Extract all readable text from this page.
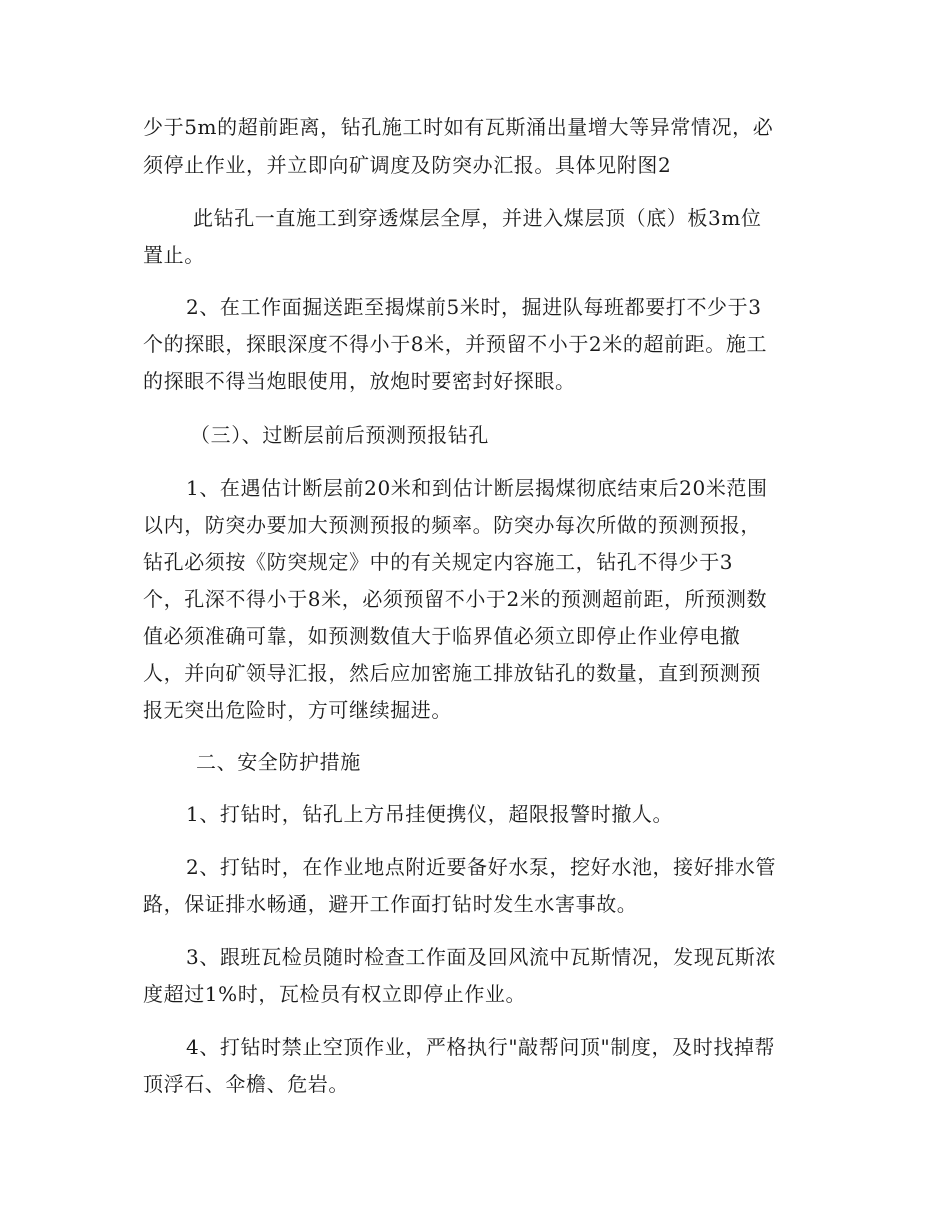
少于5m的超前距离，钻孔施工时如有瓦斯涌出量增大等异常情况，必
须停止作业，并立即向矿调度及防突办汇报。具体见附图2
此钻孔一直施工到穿透煤层全厚，并进入煤层顶（底）板3m位
置止。
2、在工作面掘送距至揭煤前5米时，掘进队每班都要打不少于3
个的探眼，探眼深度不得小于8米，并预留不小于2米的超前距。施工
的探眼不得当炮眼使用，放炮时要密封好探眼。
（三）、过断层前后预测预报钻孔
1、在遇估计断层前20米和到估计断层揭煤彻底结束后20米范围
以内，防突办要加大预测预报的频率。防突办每次所做的预测预报，
钻孔必须按《防突规定》中的有关规定内容施工，钻孔不得少于3
个，孔深不得小于8米，必须预留不小于2米的预测超前距，所预测数
值必须准确可靠，如预测数值大于临界值必须立即停止作业停电撤
人，并向矿领导汇报，然后应加密施工排放钻孔的数量，直到预测预
报无突出危险时，方可继续掘进。
二、安全防护措施
1、打钻时，钻孔上方吊挂便携仪，超限报警时撤人。
2、打钻时，在作业地点附近要备好水泵，挖好水池，接好排水管
路，保证排水畅通，避开工作面打钻时发生水害事故。
3、跟班瓦检员随时检查工作面及回风流中瓦斯情况，发现瓦斯浓
度超过1%时，瓦检员有权立即停止作业。
4、打钻时禁止空顶作业，严格执行"敲帮问顶"制度，及时找掉帮
顶浮石、伞檐、危岩。
